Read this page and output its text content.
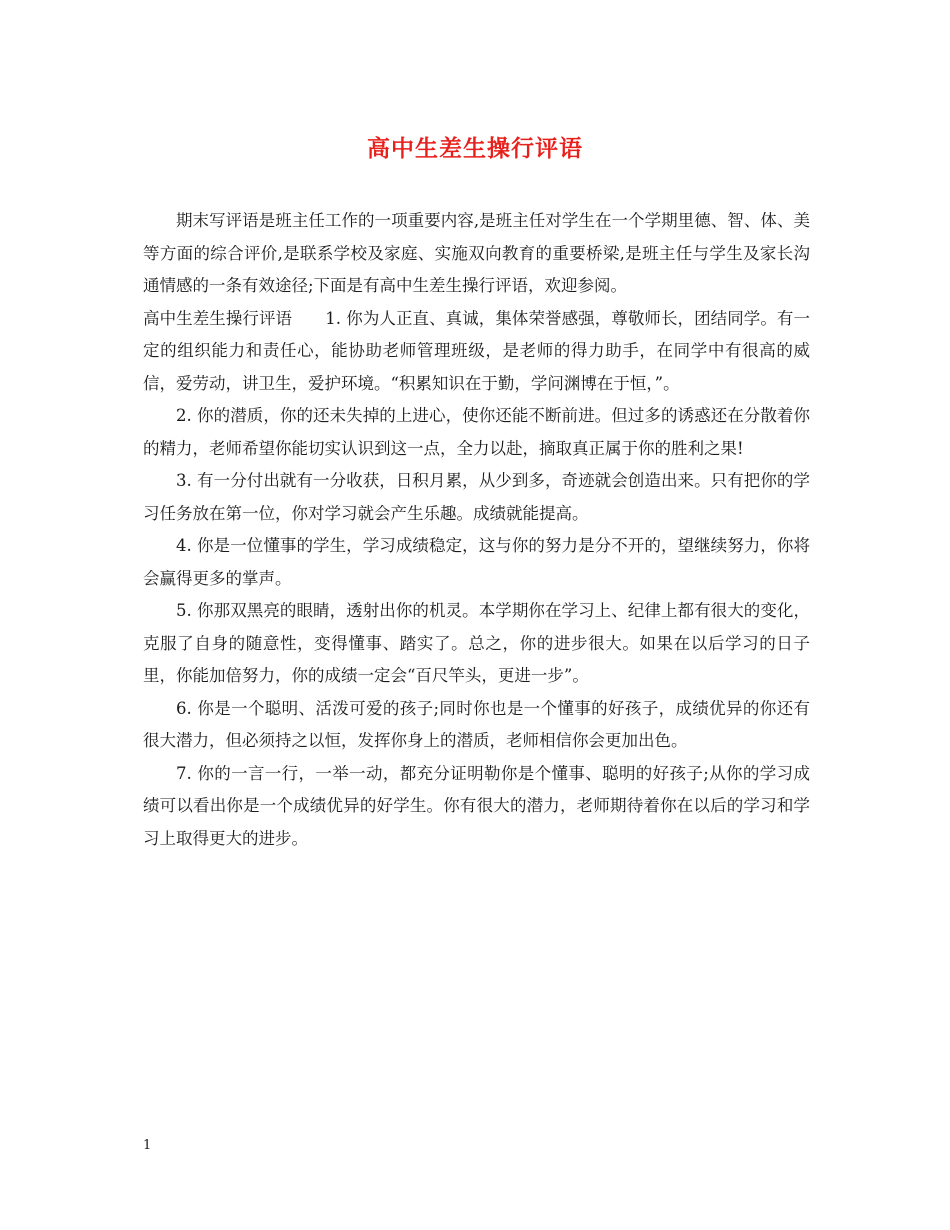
高中生差生操行评语

期末写评语是班主任工作的一项重要内容,是班主任对学生在一个学期里德、智、体、美等方面的综合评价,是联系学校及家庭、实施双向教育的重要桥梁,是班主任与学生及家长沟通情感的一条有效途径;下面是有高中生差生操行评语，欢迎参阅。

高中生差生操行评语　　1. 你为人正直、真诚，集体荣誉感强，尊敬师长，团结同学。有一定的组织能力和责任心，能协助老师管理班级，是老师的得力助手，在同学中有很高的威信，爱劳动，讲卫生，爱护环境。“积累知识在于勤，学问渊博在于恒，”。

2. 你的潜质，你的还未失掉的上进心，使你还能不断前进。但过多的诱惑还在分散着你的精力，老师希望你能切实认识到这一点，全力以赴，摘取真正属于你的胜利之果!

3. 有一分付出就有一分收获，日积月累，从少到多，奇迹就会创造出来。只有把你的学习任务放在第一位，你对学习就会产生乐趣。成绩就能提高。

4. 你是一位懂事的学生，学习成绩稳定，这与你的努力是分不开的，望继续努力，你将会赢得更多的掌声。

5. 你那双黑亮的眼睛，透射出你的机灵。本学期你在学习上、纪律上都有很大的变化，克服了自身的随意性，变得懂事、踏实了。总之，你的进步很大。如果在以后学习的日子里，你能加倍努力，你的成绩一定会“百尺竿头，更进一步”。

6. 你是一个聪明、活泼可爱的孩子;同时你也是一个懂事的好孩子，成绩优异的你还有很大潜力，但必须持之以恒，发挥你身上的潜质，老师相信你会更加出色。

7. 你的一言一行，一举一动，都充分证明勒你是个懂事、聪明的好孩子;从你的学习成绩可以看出你是一个成绩优异的好学生。你有很大的潜力，老师期待着你在以后的学习和学习上取得更大的进步。

1
